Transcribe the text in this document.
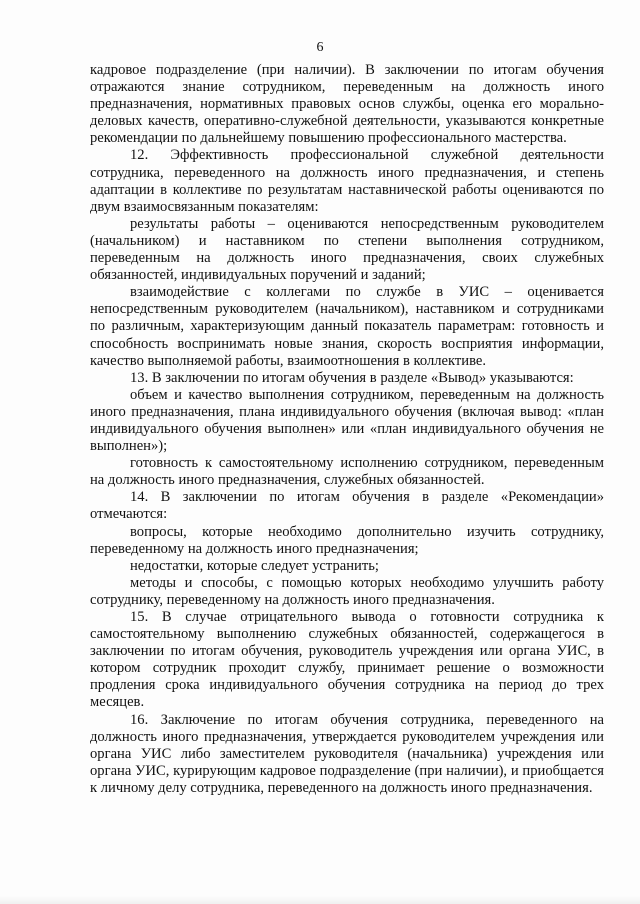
6

кадровое подразделение (при наличии). В заключении по итогам обучения отражаются знание сотрудником, переведенным на должность иного предназначения, нормативных правовых основ службы, оценка его морально-деловых качеств, оперативно-служебной деятельности, указываются конкретные рекомендации по дальнейшему повышению профессионального мастерства.

12. Эффективность профессиональной служебной деятельности сотрудника, переведенного на должность иного предназначения, и степень адаптации в коллективе по результатам наставнической работы оцениваются по двум взаимосвязанным показателям:

результаты работы – оцениваются непосредственным руководителем (начальником) и наставником по степени выполнения сотрудником, переведенным на должность иного предназначения, своих служебных обязанностей, индивидуальных поручений и заданий;

взаимодействие с коллегами по службе в УИС – оценивается непосредственным руководителем (начальником), наставником и сотрудниками по различным, характеризующим данный показатель параметрам: готовность и способность воспринимать новые знания, скорость восприятия информации, качество выполняемой работы, взаимоотношения в коллективе.

13. В заключении по итогам обучения в разделе «Вывод» указываются:

объем и качество выполнения сотрудником, переведенным на должность иного предназначения, плана индивидуального обучения (включая вывод: «план индивидуального обучения выполнен» или «план индивидуального обучения не выполнен»);

готовность к самостоятельному исполнению сотрудником, переведенным на должность иного предназначения, служебных обязанностей.

14. В заключении по итогам обучения в разделе «Рекомендации» отмечаются:

вопросы, которые необходимо дополнительно изучить сотруднику, переведенному на должность иного предназначения;

недостатки, которые следует устранить;

методы и способы, с помощью которых необходимо улучшить работу сотруднику, переведенному на должность иного предназначения.

15. В случае отрицательного вывода о готовности сотрудника к самостоятельному выполнению служебных обязанностей, содержащегося в заключении по итогам обучения, руководитель учреждения или органа УИС, в котором сотрудник проходит службу, принимает решение о возможности продления срока индивидуального обучения сотрудника на период до трех месяцев.

16. Заключение по итогам обучения сотрудника, переведенного на должность иного предназначения, утверждается руководителем учреждения или органа УИС либо заместителем руководителя (начальника) учреждения или органа УИС, курирующим кадровое подразделение (при наличии), и приобщается к личному делу сотрудника, переведенного на должность иного предназначения.
